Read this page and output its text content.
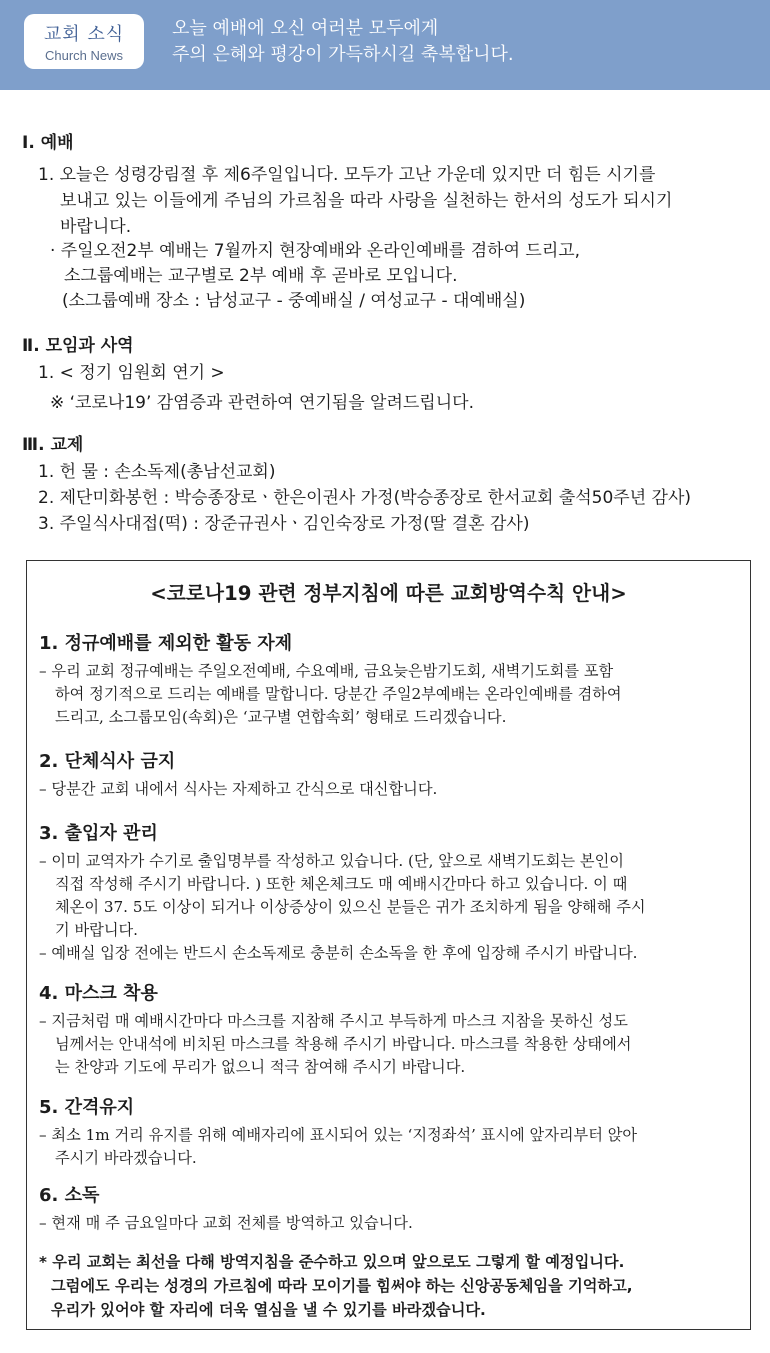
교회 소식
Church News
오늘 예배에 오신 여러분 모두에게
주의 은혜와 평강이 가득하시길 축복합니다.
Ⅰ. 예배
1. 오늘은 성령강림절 후 제6주일입니다. 모두가 고난 가운데 있지만 더 힘든 시기를
보내고 있는 이들에게 주님의 가르침을 따라 사랑을 실천하는 한서의 성도가 되시기
바랍니다.
· 주일오전2부 예배는 7월까지 현장예배와 온라인예배를 겸하여 드리고,
소그룹예배는 교구별로 2부 예배 후 곧바로 모입니다.
(소그룹예배 장소 : 남성교구 - 중예배실 / 여성교구 - 대예배실)
Ⅱ. 모임과 사역
1. < 정기 임원회 연기 >
※ ‘코로나19’ 감염증과 관련하여 연기됨을 알려드립니다.
Ⅲ. 교제
1. 헌 물 : 손소독제(총남선교회)
2. 제단미화봉헌 : 박승종장로ㆍ한은이권사 가정(박승종장로 한서교회 출석50주년 감사)
3. 주일식사대접(떡) : 장준규권사ㆍ김인숙장로 가정(딸 결혼 감사)
<코로나19 관련 정부지침에 따른 교회방역수칙 안내>
1. 정규예배를 제외한 활동 자제
– 우리 교회 정규예배는 주일오전예배, 수요예배, 금요늦은밤기도회, 새벽기도회를 포함
하여 정기적으로 드리는 예배를 말합니다. 당분간 주일2부예배는 온라인예배를 겸하여
드리고, 소그룹모임(속회)은 ‘교구별 연합속회’ 형태로 드리겠습니다.
2. 단체식사 금지
– 당분간 교회 내에서 식사는 자제하고 간식으로 대신합니다.
3. 출입자 관리
– 이미 교역자가 수기로 출입명부를 작성하고 있습니다. (단, 앞으로 새벽기도회는 본인이
직접 작성해 주시기 바랍니다. ) 또한 체온체크도 매 예배시간마다 하고 있습니다. 이 때
체온이 37. 5도 이상이 되거나 이상증상이 있으신 분들은 귀가 조치하게 됨을 양해해 주시
기 바랍니다.
– 예배실 입장 전에는 반드시 손소독제로 충분히 손소독을 한 후에 입장해 주시기 바랍니다.
4. 마스크 착용
– 지금처럼 매 예배시간마다 마스크를 지참해 주시고 부득하게 마스크 지참을 못하신 성도
님께서는 안내석에 비치된 마스크를 착용해 주시기 바랍니다. 마스크를 착용한 상태에서
는 찬양과 기도에 무리가 없으니 적극 참여해 주시기 바랍니다.
5. 간격유지
– 최소 1m 거리 유지를 위해 예배자리에 표시되어 있는 ‘지정좌석’ 표시에 앞자리부터 앉아
주시기 바라겠습니다.
6. 소독
– 현재 매 주 금요일마다 교회 전체를 방역하고 있습니다.
* 우리 교회는 최선을 다해 방역지침을 준수하고 있으며 앞으로도 그렇게 할 예정입니다.
그럼에도 우리는 성경의 가르침에 따라 모이기를 힘써야 하는 신앙공동체임을 기억하고,
우리가 있어야 할 자리에 더욱 열심을 낼 수 있기를 바라겠습니다.
